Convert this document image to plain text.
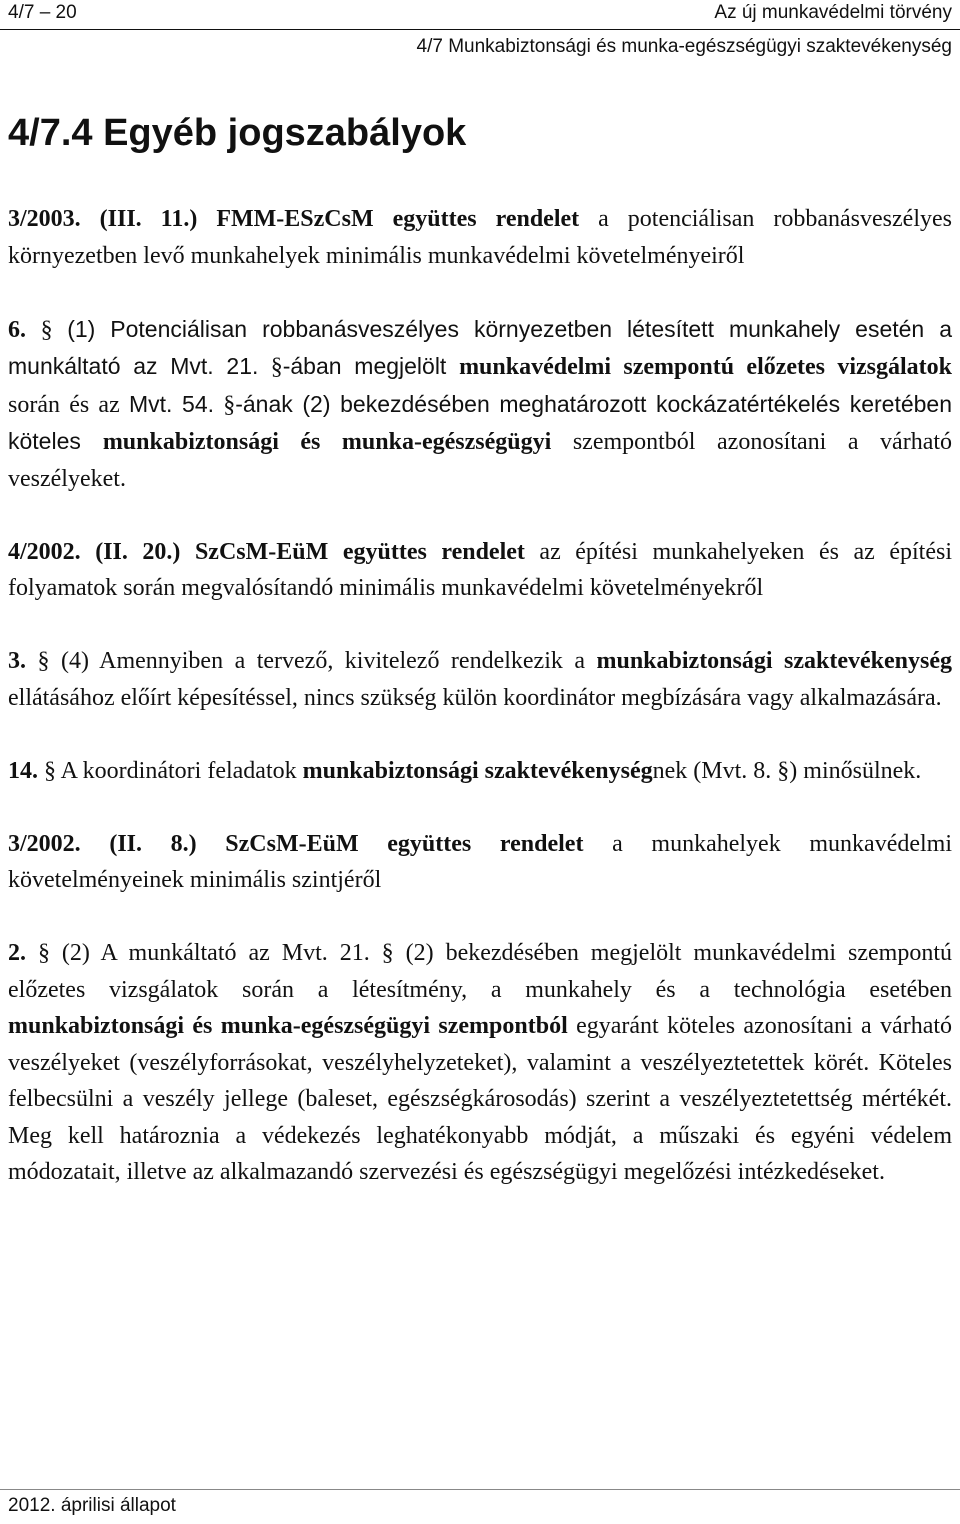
4/7 – 20	Az új munkavédelmi törvény
4/7 Munkabiztonsági és munka-egészségügyi szaktevékenység
4/7.4 Egyéb jogszabályok

3/2003. (III. 11.) FMM-ESzCsM együttes rendelet a potenciálisan robbanásveszélyes környezetben levő munkahelyek minimális munkavédelmi követelményeiről

6. § (1) Potenciálisan robbanásveszélyes környezetben létesített munkahely esetén a munkáltató az Mvt. 21. §-ában megjelölt munkavédelmi szempontú előzetes vizsgálatok során és az Mvt. 54. §-ának (2) bekezdésében meghatározott kockázatértékelés keretében köteles munkabiztonsági és munka-egészségügyi szempontból azonosítani a várható veszélyeket.

4/2002. (II. 20.) SzCsM-EüM együttes rendelet az építési munkahelyeken és az építési folyamatok során megvalósítandó minimális munkavédelmi követelményekről

3. § (4) Amennyiben a tervező, kivitelező rendelkezik a munkabiztonsági szaktevékenység ellátásához előírt képesítéssel, nincs szükség külön koordinátor megbízására vagy alkalmazására.

14. § A koordinátori feladatok munkabiztonsági szaktevékenységnek (Mvt. 8. §) minősülnek.

3/2002. (II. 8.) SzCsM-EüM együttes rendelet a munkahelyek munkavédelmi követelményeinek minimális szintjéről

2. § (2) A munkáltató az Mvt. 21. § (2) bekezdésében megjelölt munkavédelmi szempontú előzetes vizsgálatok során a létesítmény, a munkahely és a technológia esetében munkabiztonsági és munka-egészségügyi szempontból egyaránt köteles azonosítani a várható veszélyeket (veszélyforrásokat, veszélyhelyzeteket), valamint a veszélyeztetettek körét. Köteles felbecsülni a veszély jellege (baleset, egészségkárosodás) szerint a veszélyeztetettség mértékét. Meg kell határoznia a védekezés leghatékonyabb módját, a műszaki és egyéni védelem módozatait, illetve az alkalmazandó szervezési és egészségügyi megelőzési intézkedéseket.

2012. áprilisi állapot
